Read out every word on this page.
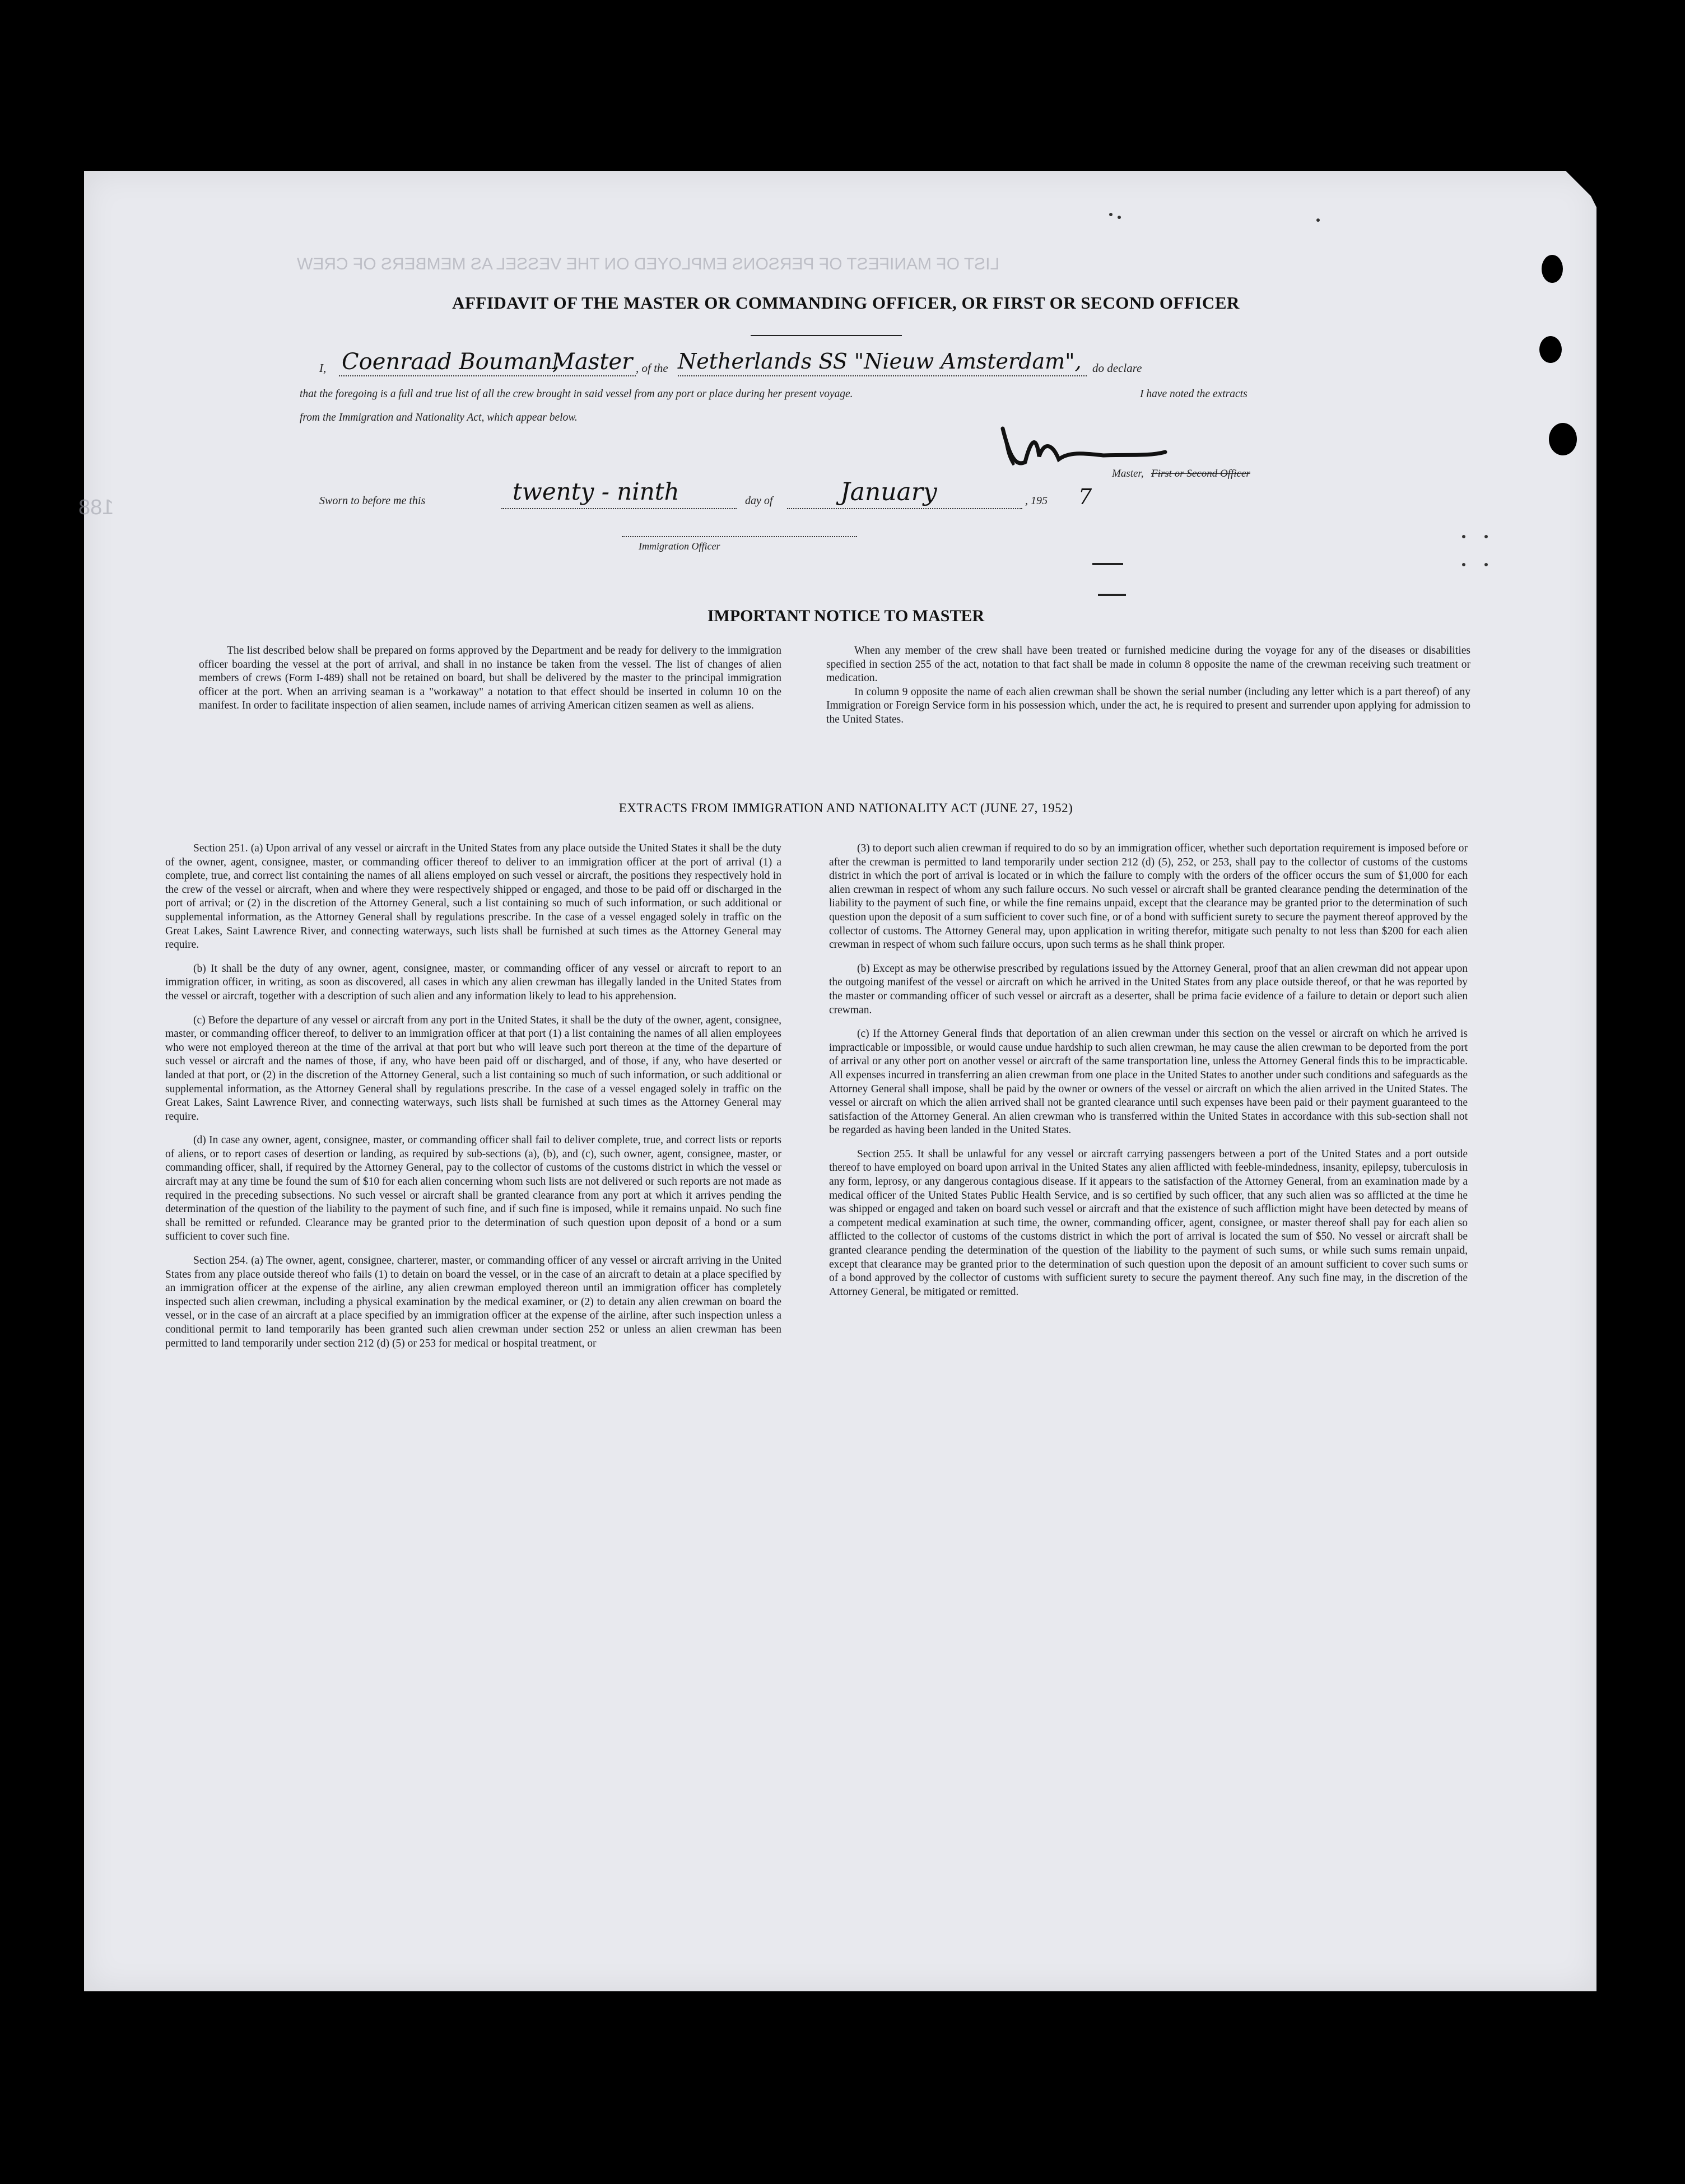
LIST OF MANIFEST OF PERSONS EMPLOYED ON THE VESSEL AS MEMBERS OF CREW
188
AFFIDAVIT OF THE MASTER OR COMMANDING OFFICER, OR FIRST OR SECOND OFFICER
I, Coenraad Bouman,
Master , of the Netherlands SS "Nieuw Amsterdam", do declare
that the foregoing is a full and true list of all the crew brought in said vessel from any port or place during her present voyage.	I have noted the extracts
from the Immigration and Nationality Act, which appear below.
Master, First or Second Officer
Sworn to before me this	twenty - ninth	day of	January	, 195 7
Immigration Officer
IMPORTANT NOTICE TO MASTER

The list described below shall be prepared on forms approved by the Department and be ready for delivery to the immigration officer boarding the vessel at the port of arrival, and shall in no instance be taken from the vessel. The list of changes of alien members of crews (Form I-489) shall not be retained on board, but shall be delivered by the master to the principal immigration officer at the port. When an arriving seaman is a "workaway" a notation to that effect should be inserted in column 10 on the manifest. In order to facilitate inspection of alien seamen, include names of arriving American citizen seamen as well as aliens.

When any member of the crew shall have been treated or furnished medicine during the voyage for any of the diseases or disabilities specified in section 255 of the act, notation to that fact shall be made in column 8 opposite the name of the crewman receiving such treatment or medication.

In column 9 opposite the name of each alien crewman shall be shown the serial number (including any letter which is a part thereof) of any Immigration or Foreign Service form in his possession which, under the act, he is required to present and surrender upon applying for admission to the United States.

EXTRACTS FROM IMMIGRATION AND NATIONALITY ACT (JUNE 27, 1952)

Section 251. (a) Upon arrival of any vessel or aircraft in the United States from any place outside the United States it shall be the duty of the owner, agent, consignee, master, or commanding officer thereof to deliver to an immigration officer at the port of arrival (1) a complete, true, and correct list containing the names of all aliens employed on such vessel or aircraft, the positions they respectively hold in the crew of the vessel or aircraft, when and where they were respectively shipped or engaged, and those to be paid off or discharged in the port of arrival; or (2) in the discretion of the Attorney General, such a list containing so much of such information, or such additional or supplemental information, as the Attorney General shall by regulations prescribe. In the case of a vessel engaged solely in traffic on the Great Lakes, Saint Lawrence River, and connecting waterways, such lists shall be furnished at such times as the Attorney General may require.

(b) It shall be the duty of any owner, agent, consignee, master, or commanding officer of any vessel or aircraft to report to an immigration officer, in writing, as soon as discovered, all cases in which any alien crewman has illegally landed in the United States from the vessel or aircraft, together with a description of such alien and any information likely to lead to his apprehension.

(c) Before the departure of any vessel or aircraft from any port in the United States, it shall be the duty of the owner, agent, consignee, master, or commanding officer thereof, to deliver to an immigration officer at that port (1) a list containing the names of all alien employees who were not employed thereon at the time of the arrival at that port but who will leave such port thereon at the time of the departure of such vessel or aircraft and the names of those, if any, who have been paid off or discharged, and of those, if any, who have deserted or landed at that port, or (2) in the discretion of the Attorney General, such a list containing so much of such information, or such additional or supplemental information, as the Attorney General shall by regulations prescribe. In the case of a vessel engaged solely in traffic on the Great Lakes, Saint Lawrence River, and connecting waterways, such lists shall be furnished at such times as the Attorney General may require.

(d) In case any owner, agent, consignee, master, or commanding officer shall fail to deliver complete, true, and correct lists or reports of aliens, or to report cases of desertion or landing, as required by sub-sections (a), (b), and (c), such owner, agent, consignee, master, or commanding officer, shall, if required by the Attorney General, pay to the collector of customs of the customs district in which the vessel or aircraft may at any time be found the sum of $10 for each alien concerning whom such lists are not delivered or such reports are not made as required in the preceding subsections. No such vessel or aircraft shall be granted clearance from any port at which it arrives pending the determination of the question of the liability to the payment of such fine, and if such fine is imposed, while it remains unpaid. No such fine shall be remitted or refunded. Clearance may be granted prior to the determination of such question upon deposit of a bond or a sum sufficient to cover such fine.

Section 254. (a) The owner, agent, consignee, charterer, master, or commanding officer of any vessel or aircraft arriving in the United States from any place outside thereof who fails (1) to detain on board the vessel, or in the case of an aircraft to detain at a place specified by an immigration officer at the expense of the airline, any alien crewman employed thereon until an immigration officer has completely inspected such alien crewman, including a physical examination by the medical examiner, or (2) to detain any alien crewman on board the vessel, or in the case of an aircraft at a place specified by an immigration officer at the expense of the airline, after such inspection unless a conditional permit to land temporarily has been granted such alien crewman under section 252 or unless an alien crewman has been permitted to land temporarily under section 212 (d) (5) or 253 for medical or hospital treatment, or

(3) to deport such alien crewman if required to do so by an immigration officer, whether such deportation requirement is imposed before or after the crewman is permitted to land temporarily under section 212 (d) (5), 252, or 253, shall pay to the collector of customs of the customs district in which the port of arrival is located or in which the failure to comply with the orders of the officer occurs the sum of $1,000 for each alien crewman in respect of whom any such failure occurs. No such vessel or aircraft shall be granted clearance pending the determination of the liability to the payment of such fine, or while the fine remains unpaid, except that the clearance may be granted prior to the determination of such question upon the deposit of a sum sufficient to cover such fine, or of a bond with sufficient surety to secure the payment thereof approved by the collector of customs. The Attorney General may, upon application in writing therefor, mitigate such penalty to not less than $200 for each alien crewman in respect of whom such failure occurs, upon such terms as he shall think proper.

(b) Except as may be otherwise prescribed by regulations issued by the Attorney General, proof that an alien crewman did not appear upon the outgoing manifest of the vessel or aircraft on which he arrived in the United States from any place outside thereof, or that he was reported by the master or commanding officer of such vessel or aircraft as a deserter, shall be prima facie evidence of a failure to detain or deport such alien crewman.

(c) If the Attorney General finds that deportation of an alien crewman under this section on the vessel or aircraft on which he arrived is impracticable or impossible, or would cause undue hardship to such alien crewman, he may cause the alien crewman to be deported from the port of arrival or any other port on another vessel or aircraft of the same transportation line, unless the Attorney General finds this to be impracticable. All expenses incurred in transferring an alien crewman from one place in the United States to another under such conditions and safeguards as the Attorney General shall impose, shall be paid by the owner or owners of the vessel or aircraft on which the alien arrived in the United States. The vessel or aircraft on which the alien arrived shall not be granted clearance until such expenses have been paid or their payment guaranteed to the satisfaction of the Attorney General. An alien crewman who is transferred within the United States in accordance with this sub-section shall not be regarded as having been landed in the United States.

Section 255. It shall be unlawful for any vessel or aircraft carrying passengers between a port of the United States and a port outside thereof to have employed on board upon arrival in the United States any alien afflicted with feeble-mindedness, insanity, epilepsy, tuberculosis in any form, leprosy, or any dangerous contagious disease. If it appears to the satisfaction of the Attorney General, from an examination made by a medical officer of the United States Public Health Service, and is so certified by such officer, that any such alien was so afflicted at the time he was shipped or engaged and taken on board such vessel or aircraft and that the existence of such affliction might have been detected by means of a competent medical examination at such time, the owner, commanding officer, agent, consignee, or master thereof shall pay for each alien so afflicted to the collector of customs of the customs district in which the port of arrival is located the sum of $50. No vessel or aircraft shall be granted clearance pending the determination of the question of the liability to the payment of such sums, or while such sums remain unpaid, except that clearance may be granted prior to the determination of such question upon the deposit of an amount sufficient to cover such sums or of a bond approved by the collector of customs with sufficient surety to secure the payment thereof. Any such fine may, in the discretion of the Attorney General, be mitigated or remitted.
